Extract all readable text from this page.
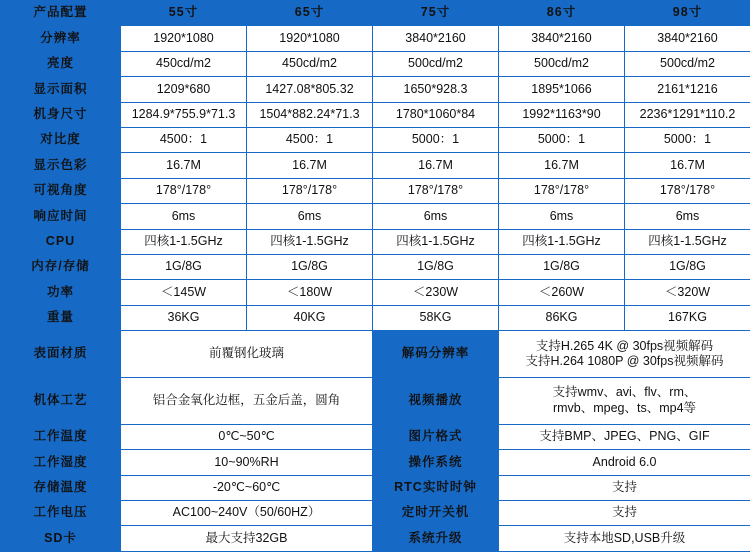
产品配置	55寸	65寸	75寸	86寸	98寸
分辨率	1920*1080	1920*1080	3840*2160	3840*2160	3840*2160
亮度	450cd/m2	450cd/m2	500cd/m2	500cd/m2	500cd/m2
显示面积	1209*680	1427.08*805.32	1650*928.3	1895*1066	2161*1216
机身尺寸	1284.9*755.9*71.3	1504*882.24*71.3	1780*1060*84	1992*1163*90	2236*1291*110.2
对比度	4500：1	4500：1	5000：1	5000：1	5000：1
显示色彩	16.7M	16.7M	16.7M	16.7M	16.7M
可视角度	178°/178°	178°/178°	178°/178°	178°/178°	178°/178°
响应时间	6ms	6ms	6ms	6ms	6ms
CPU	四核1-1.5GHz	四核1-1.5GHz	四核1-1.5GHz	四核1-1.5GHz	四核1-1.5GHz
内存/存储	1G/8G	1G/8G	1G/8G	1G/8G	1G/8G
功率	＜145W	＜180W	＜230W	＜260W	＜320W
重量	36KG	40KG	58KG	86KG	167KG
表面材质	前覆钢化玻璃		解码分辨率	支持H.265 4K @ 30fps视频解码
支持H.264 1080P @ 30fps视频解码	
机体工艺	铝合金氧化边框，五金后盖，圆角		视频播放	支持wmv、avi、flv、rm、
rmvb、mpeg、ts、mp4等	
工作温度	0℃~50℃		图片格式	支持BMP、JPEG、PNG、GIF	
工作湿度	10~90%RH		操作系统	Android 6.0	
存储温度	-20℃~60℃		RTC实时时钟	支持	
工作电压	AC100~240V（50/60HZ）		定时开关机	支持	
SD卡	最大支持32GB		系统升级	支持本地SD,USB升级	
